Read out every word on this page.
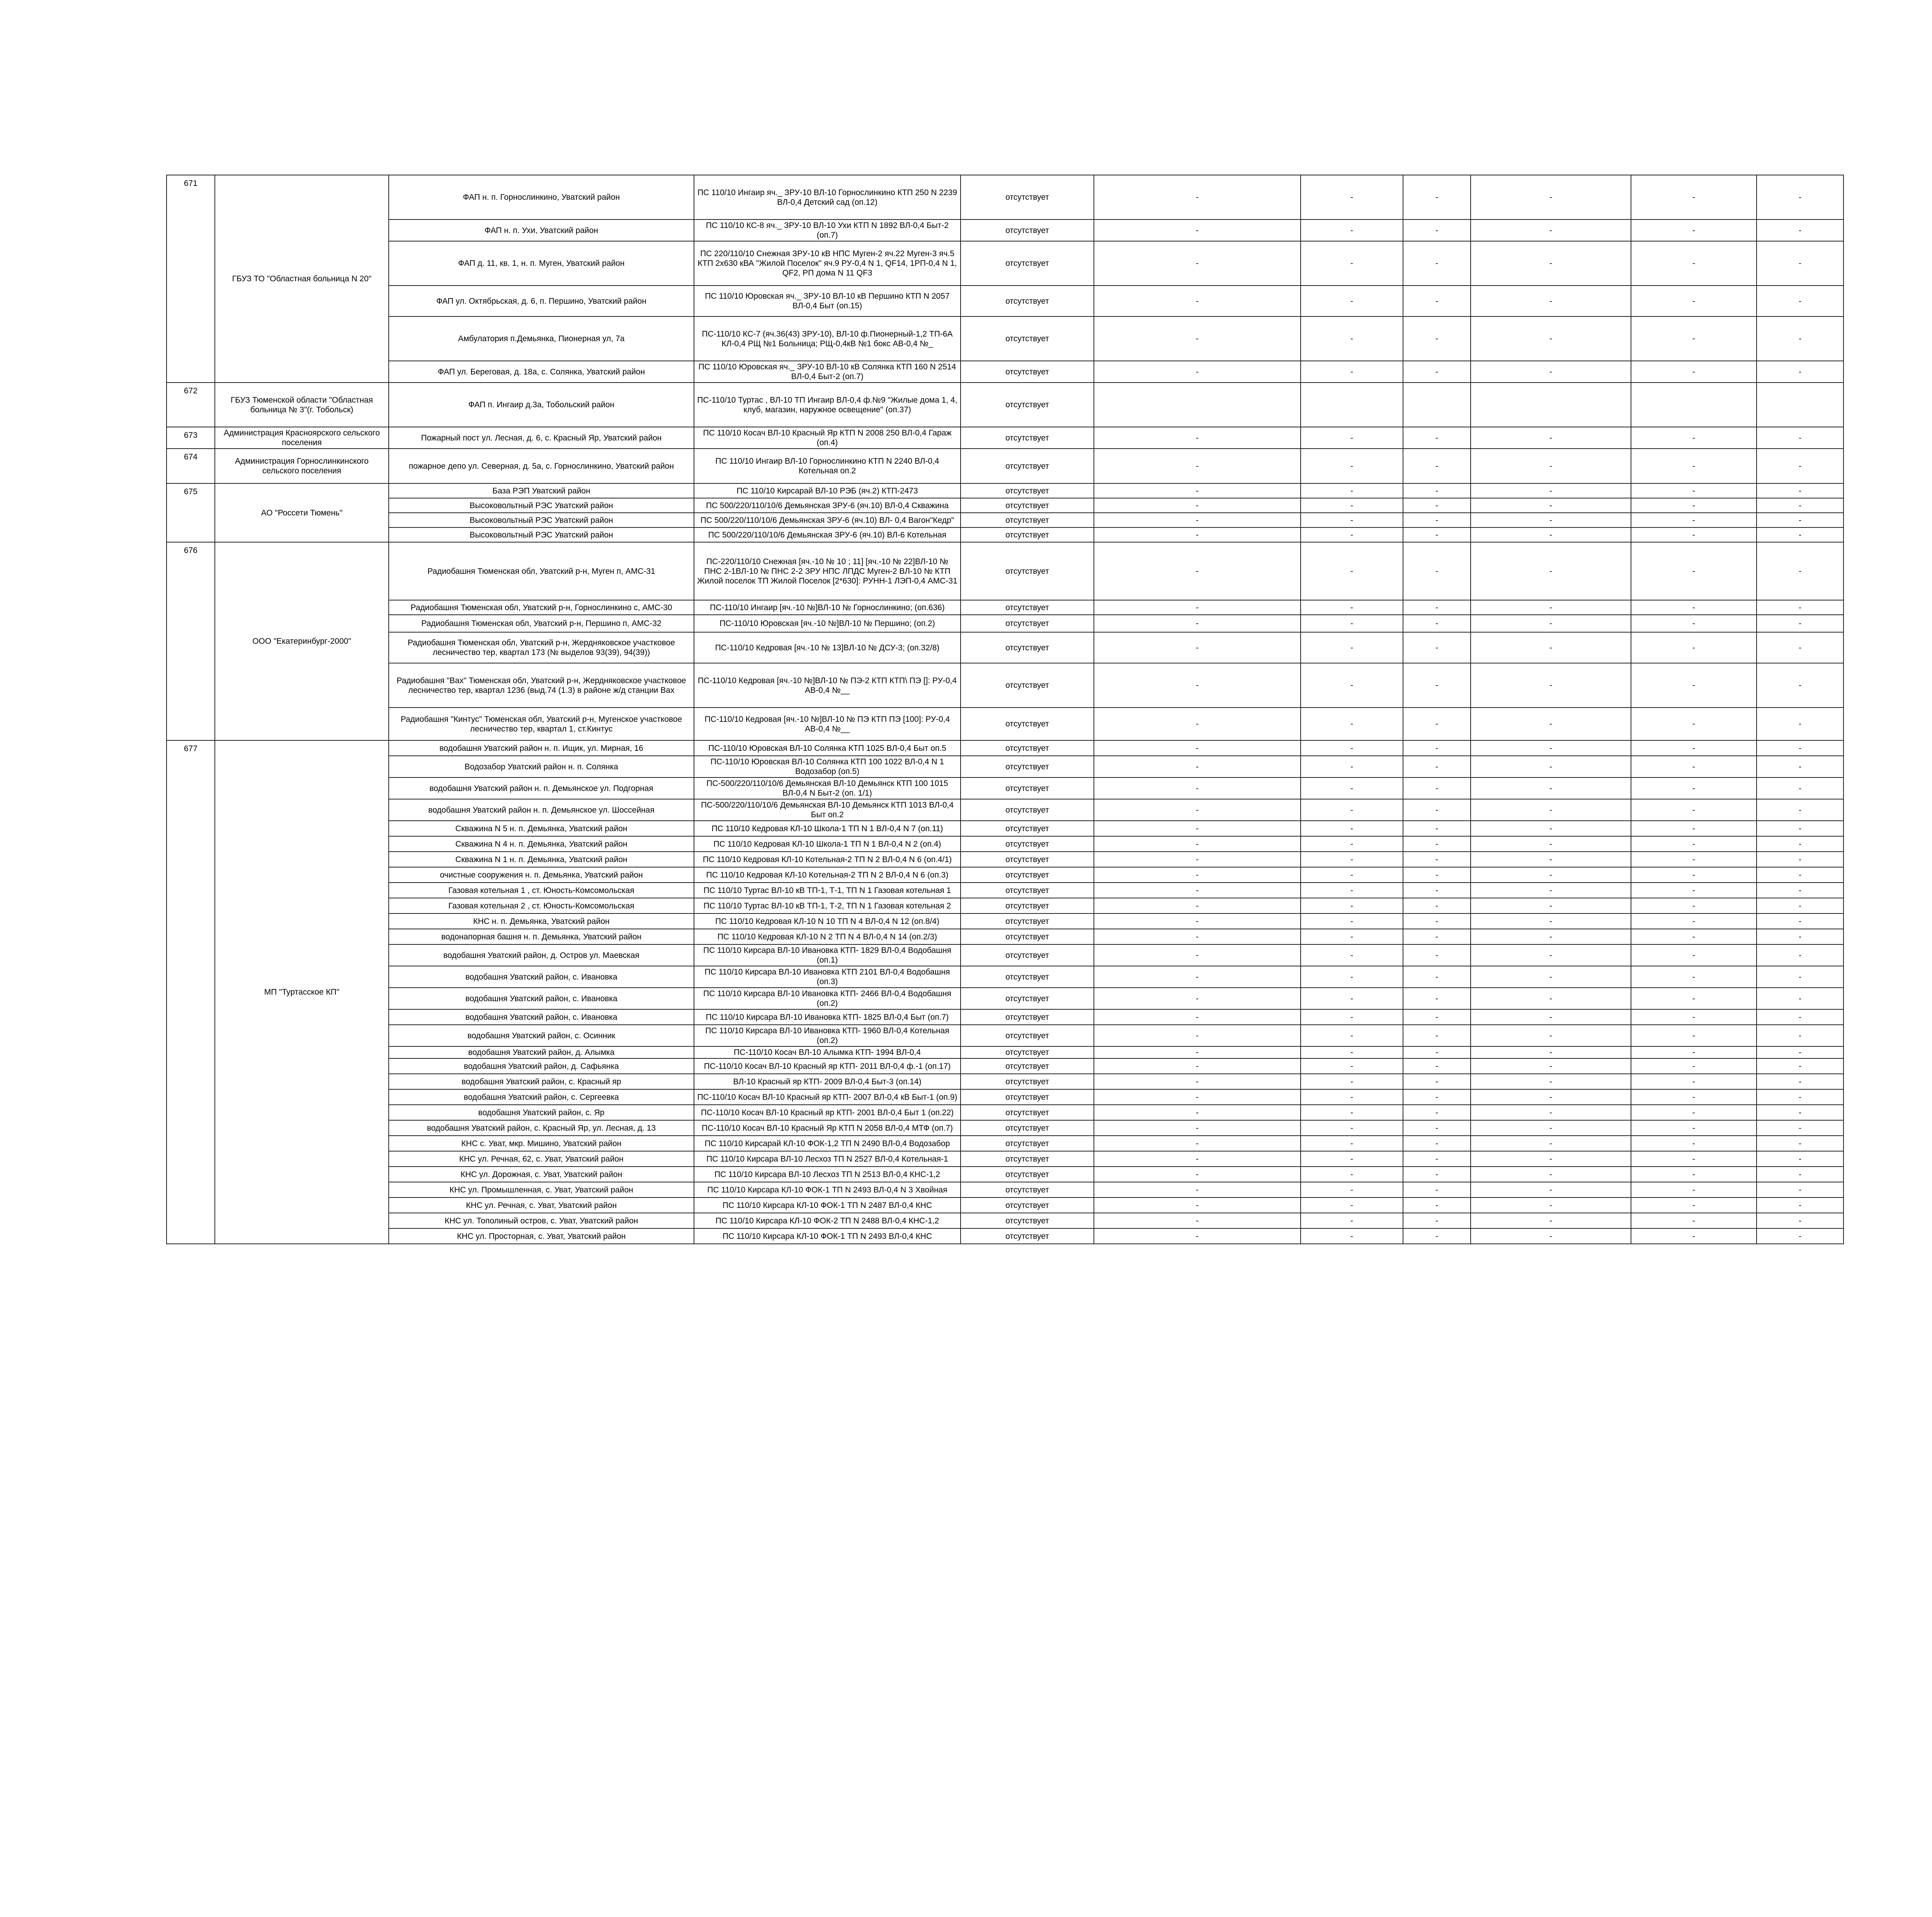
671	ГБУЗ ТО "Областная больница N 20"	ФАП н. п. Горнослинкино, Уватский район	ПС 110/10 Ингаир яч._ ЗРУ-10 ВЛ-10 Горнослинкино КТП 250 N 2239 ВЛ-0,4 Детский сад (оп.12)	отсутствует	-	-	-	-	-	-
		ФАП н. п. Ухи, Уватский район	ПС 110/10 КС-8 яч._ ЗРУ-10 ВЛ-10 Ухи КТП N 1892 ВЛ-0,4 Быт-2 (оп.7)	отсутствует	-	-	-	-	-	-
		ФАП д. 11, кв. 1, н. п. Муген, Уватский район	ПС 220/110/10 Снежная ЗРУ-10 кВ НПС Муген-2 яч.22 Муген-3 яч.5 КТП 2х630 кВА "Жилой Поселок" яч.9 РУ-0,4 N 1, QF14, 1РП-0,4 N 1, QF2, РП дома N 11 QF3	отсутствует	-	-	-	-	-	-
		ФАП ул. Октябрьская, д. 6, п. Першино, Уватский район	ПС 110/10 Юровская яч._ ЗРУ-10 ВЛ-10 кВ Першино КТП N 2057 ВЛ-0,4 Быт (оп.15)	отсутствует	-	-	-	-	-	-
		Амбулатория п.Демьянка, Пионерная ул, 7а	ПС-110/10 КС-7 (яч.36(43) ЗРУ-10), ВЛ-10 ф.Пионерный-1,2 ТП-6А КЛ-0,4 РЩ №1 Больница; РЩ-0,4кВ №1 бокс АВ-0,4 №_	отсутствует	-	-	-	-	-	-
		ФАП ул. Береговая, д. 18а, с. Солянка, Уватский район	ПС 110/10 Юровская яч._ ЗРУ-10 ВЛ-10 кВ Солянка КТП 160 N 2514 ВЛ-0,4 Быт-2 (оп.7)	отсутствует	-	-	-	-	-	-
672	ГБУЗ Тюменской области "Областная больница № 3"(г. Тобольск)	ФАП п. Ингаир д.3а, Тобольский район	ПС-110/10 Туртас , ВЛ-10 ТП Ингаир ВЛ-0,4 ф.№9 "Жилые дома 1, 4, клуб, магазин, наружное освещение" (оп.37)	отсутствует						
673	Администрация Красноярского сельского поселения	Пожарный пост ул. Лесная, д. 6, с. Красный Яр, Уватский район	ПС 110/10 Косач ВЛ-10 Красный Яр КТП N 2008 250 ВЛ-0,4 Гараж (оп.4)	отсутствует	-	-	-	-	-	-
674	Администрация Горнослинкинского сельского поселения	пожарное депо ул. Северная, д. 5а, с. Горнослинкино, Уватский район	ПС 110/10 Ингаир ВЛ-10 Горнослинкино КТП N 2240 ВЛ-0,4 Котельная оп.2	отсутствует	-	-	-	-	-	-
675	АО "Россети Тюмень"	База РЭП Уватский район	ПС 110/10 Кирсарай ВЛ-10 РЭБ (яч.2) КТП-2473	отсутствует	-	-	-	-	-	-
		Высоковольтный РЭС Уватский район	ПС 500/220/110/10/6 Демьянская ЗРУ-6 (яч.10) ВЛ-0,4 Скважина	отсутствует	-	-	-	-	-	-
		Высоковольтный РЭС Уватский район	ПС 500/220/110/10/6 Демьянская ЗРУ-6 (яч.10) ВЛ- 0,4 Вагон"Кедр"	отсутствует	-	-	-	-	-	-
		Высоковольтный РЭС Уватский район	ПС 500/220/110/10/6 Демьянская ЗРУ-6 (яч.10) ВЛ-6 Котельная	отсутствует	-	-	-	-	-	-
676	ООО "Екатеринбург-2000"	Радиобашня Тюменская обл, Уватский р-н, Муген п, АМС-31	ПС-220/110/10 Снежная [яч.-10 № 10 ; 11] [яч.-10 № 22]ВЛ-10 № ПНС 2-1ВЛ-10 № ПНС 2-2 ЗРУ НПС ЛПДС Муген-2 ВЛ-10 № КТП Жилой поселок ТП Жилой Поселок [2*630]: РУНН-1 ЛЭП-0,4 АМС-31	отсутствует	-	-	-	-	-	-
		Радиобашня Тюменская обл, Уватский р-н, Горнослинкино с, АМС-30	ПС-110/10 Ингаир [яч.-10 №]ВЛ-10 № Горнослинкино; (оп.636)	отсутствует	-	-	-	-	-	-
		Радиобашня Тюменская обл, Уватский р-н, Першино п, АМС-32	ПС-110/10 Юровская [яч.-10 №]ВЛ-10 № Першино; (оп.2)	отсутствует	-	-	-	-	-	-
		Радиобашня Тюменская обл, Уватский р-н, Жердняковское участковое лесничество тер, квартал 173 (№ выделов 93(39), 94(39))	ПС-110/10 Кедровая [яч.-10 № 13]ВЛ-10 № ДСУ-3; (оп.32/8)	отсутствует	-	-	-	-	-	-
		Радиобашня "Вах" Тюменская обл, Уватский р-н, Жердняковское участковое лесничество тер, квартал 1236 (выд.74 (1.3) в районе ж/д станции Вах	ПС-110/10 Кедровая [яч.-10 №]ВЛ-10 № ПЭ-2 КТП КТП\ ПЭ []: РУ-0,4 АВ-0,4 №__	отсутствует	-	-	-	-	-	-
		Радиобашня "Кинтус" Тюменская обл, Уватский р-н, Мугенское участковое лесничество тер, квартал 1, ст.Кинтус	ПС-110/10 Кедровая [яч.-10 №]ВЛ-10 № ПЭ КТП ПЭ [100]: РУ-0,4 АВ-0,4 №__	отсутствует	-	-	-	-	-	-
677	МП "Туртасское КП"	водобашня Уватский район н. п. Ищик, ул. Мирная, 16	ПС-110/10 Юровская ВЛ-10 Солянка КТП 1025 ВЛ-0,4 Быт оп.5	отсутствует	-	-	-	-	-	-
		Водозабор Уватский район н. п. Солянка	ПС-110/10 Юровская ВЛ-10 Солянка КТП 100 1022 ВЛ-0,4 N 1 Водозабор (оп.5)	отсутствует	-	-	-	-	-	-
		водобашня Уватский район н. п. Демьянское ул. Подгорная	ПС-500/220/110/10/6 Демьянская ВЛ-10 Демьянск КТП 100 1015 ВЛ-0,4 N Быт-2 (оп. 1/1)	отсутствует	-	-	-	-	-	-
		водобашня Уватский район н. п. Демьянское ул. Шоссейная	ПС-500/220/110/10/6 Демьянская ВЛ-10 Демьянск КТП 1013 ВЛ-0,4 Быт оп.2	отсутствует	-	-	-	-	-	-
		Скважина N 5 н. п. Демьянка, Уватский район	ПС 110/10 Кедровая КЛ-10 Школа-1 ТП N 1 ВЛ-0,4 N 7 (оп.11)	отсутствует	-	-	-	-	-	-
		Скважина N 4 н. п. Демьянка, Уватский район	ПС 110/10 Кедровая КЛ-10 Школа-1 ТП N 1 ВЛ-0,4 N 2 (оп.4)	отсутствует	-	-	-	-	-	-
		Скважина N 1 н. п. Демьянка, Уватский район	ПС 110/10 Кедровая КЛ-10 Котельная-2 ТП N 2 ВЛ-0,4 N 6 (оп.4/1)	отсутствует	-	-	-	-	-	-
		очистные сооружения н. п. Демьянка, Уватский район	ПС 110/10 Кедровая КЛ-10 Котельная-2 ТП N 2 ВЛ-0,4 N 6 (оп.3)	отсутствует	-	-	-	-	-	-
		Газовая котельная 1 , ст. Юность-Комсомольская	ПС 110/10 Туртас ВЛ-10 кВ ТП-1, Т-1, ТП N 1 Газовая котельная 1	отсутствует	-	-	-	-	-	-
		Газовая котельная 2 , ст. Юность-Комсомольская	ПС 110/10 Туртас ВЛ-10 кВ ТП-1, Т-2, ТП N 1 Газовая котельная 2	отсутствует	-	-	-	-	-	-
		КНС н. п. Демьянка, Уватский район	ПС 110/10 Кедровая КЛ-10 N 10 ТП N 4 ВЛ-0,4 N 12 (оп.8/4)	отсутствует	-	-	-	-	-	-
		водонапорная башня н. п. Демьянка, Уватский район	ПС 110/10 Кедровая КЛ-10 N 2 ТП N 4 ВЛ-0,4 N 14 (оп.2/3)	отсутствует	-	-	-	-	-	-
		водобашня Уватский район, д. Остров ул. Маевская	ПС 110/10 Кирсара ВЛ-10 Ивановка КТП- 1829 ВЛ-0,4 Водобашня (оп.1)	отсутствует	-	-	-	-	-	-
		водобашня Уватский район, с. Ивановка	ПС 110/10 Кирсара ВЛ-10 Ивановка КТП 2101 ВЛ-0,4 Водобашня (оп.3)	отсутствует	-	-	-	-	-	-
		водобашня Уватский район, с. Ивановка	ПС 110/10 Кирсара ВЛ-10 Ивановка КТП- 2466 ВЛ-0,4 Водобашня (оп.2)	отсутствует	-	-	-	-	-	-
		водобашня Уватский район, с. Ивановка	ПС 110/10 Кирсара ВЛ-10 Ивановка КТП- 1825 ВЛ-0,4 Быт (оп.7)	отсутствует	-	-	-	-	-	-
		водобашня Уватский район, с. Осинник	ПС 110/10 Кирсара ВЛ-10 Ивановка КТП- 1960 ВЛ-0,4 Котельная (оп.2)	отсутствует	-	-	-	-	-	-
		водобашня Уватский район, д. Алымка	ПС-110/10 Косач ВЛ-10 Алымка КТП- 1994 ВЛ-0,4	отсутствует	-	-	-	-	-	-
		водобашня Уватский район, д. Сафьянка	ПС-110/10 Косач ВЛ-10 Красный яр КТП- 2011 ВЛ-0,4 ф.-1 (оп.17)	отсутствует	-	-	-	-	-	-
		водобашня Уватский район, с. Красный яр	ВЛ-10 Красный яр КТП- 2009 ВЛ-0,4 Быт-3 (оп.14)	отсутствует	-	-	-	-	-	-
		водобашня Уватский район, с. Сергеевка	ПС-110/10 Косач ВЛ-10 Красный яр КТП- 2007 ВЛ-0,4 кВ Быт-1 (оп.9)	отсутствует	-	-	-	-	-	-
		водобашня Уватский район, с. Яр	ПС-110/10 Косач ВЛ-10 Красный яр КТП- 2001 ВЛ-0,4 Быт 1 (оп.22)	отсутствует	-	-	-	-	-	-
		водобашня Уватский район, с. Красный Яр, ул. Лесная, д. 13	ПС-110/10 Косач ВЛ-10 Красный Яр КТП N 2058 ВЛ-0,4 МТФ (оп.7)	отсутствует	-	-	-	-	-	-
		КНС с. Уват, мкр. Мишино, Уватский район	ПС 110/10 Кирсарай КЛ-10 ФОК-1,2 ТП N 2490 ВЛ-0,4 Водозабор	отсутствует	-	-	-	-	-	-
		КНС ул. Речная, 62, с. Уват, Уватский район	ПС 110/10 Кирсара ВЛ-10 Лесхоз ТП N 2527 ВЛ-0,4 Котельная-1	отсутствует	-	-	-	-	-	-
		КНС ул. Дорожная, с. Уват, Уватский район	ПС 110/10 Кирсара ВЛ-10 Лесхоз ТП N 2513 ВЛ-0,4 КНС-1,2	отсутствует	-	-	-	-	-	-
		КНС ул. Промышленная, с. Уват, Уватский район	ПС 110/10 Кирсара КЛ-10 ФОК-1 ТП N 2493 ВЛ-0,4 N 3 Хвойная	отсутствует	-	-	-	-	-	-
		КНС ул. Речная, с. Уват, Уватский район	ПС 110/10 Кирсара КЛ-10 ФОК-1 ТП N 2487 ВЛ-0,4 КНС	отсутствует	-	-	-	-	-	-
		КНС ул. Тополиный остров, с. Уват, Уватский район	ПС 110/10 Кирсара КЛ-10 ФОК-2 ТП N 2488 ВЛ-0,4 КНС-1,2	отсутствует	-	-	-	-	-	-
		КНС ул. Просторная, с. Уват, Уватский район	ПС 110/10 Кирсара КЛ-10 ФОК-1 ТП N 2493 ВЛ-0,4 КНС	отсутствует	-	-	-	-	-	-
